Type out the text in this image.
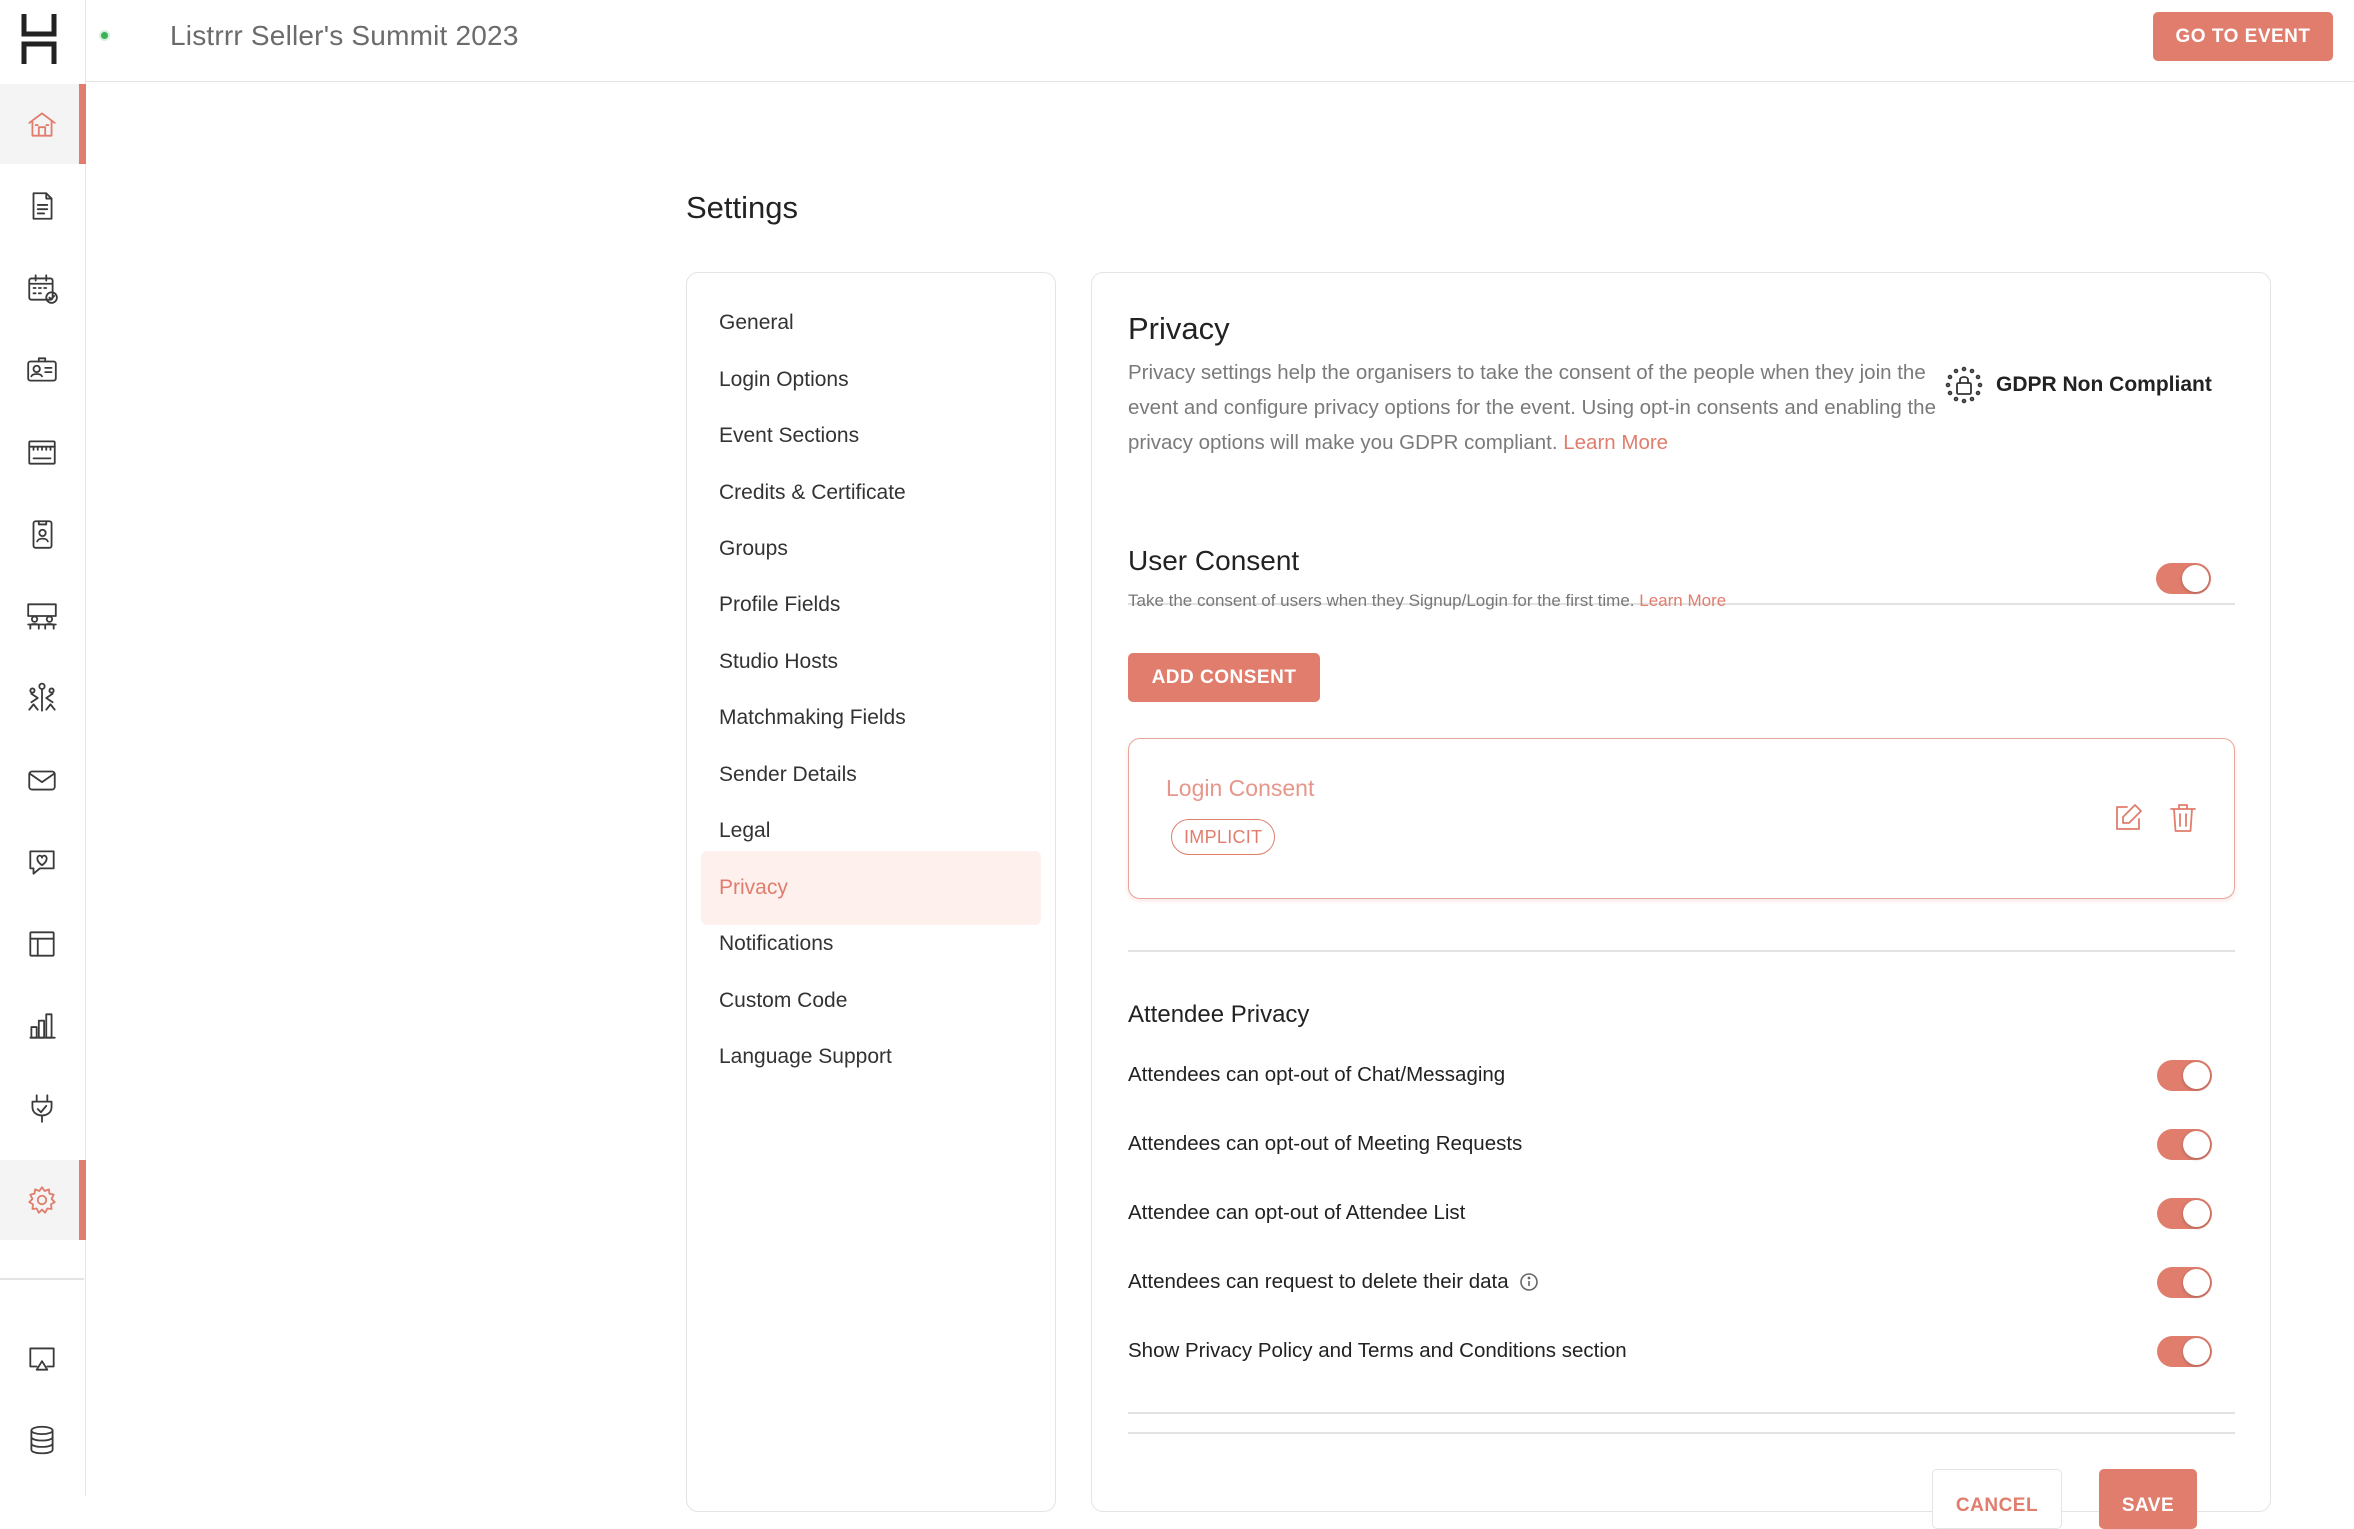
Listrrr Seller's Summit 2023	GO TO EVENT
Settings
General
Login Options
Event Sections
Credits & Certificate
Groups
Profile Fields
Studio Hosts
Matchmaking Fields
Sender Details
Legal
Privacy
Notifications
Custom Code
Language Support
Privacy

Privacy settings help the organisers to take the consent of the people when they join the event and configure privacy options for the event. Using opt-in consents and enabling the privacy options will make you GDPR compliant. Learn More

GDPR Non Compliant
User Consent

Take the consent of users when they Signup/Login for the first time. Learn More

ADD CONSENT
Login Consent
IMPLICIT
Attendee Privacy
Attendees can opt-out of Chat/Messaging
Attendees can opt-out of Meeting Requests
Attendee can opt-out of Attendee List
Attendees can request to delete their data
Show Privacy Policy and Terms and Conditions section
CANCEL	SAVE
